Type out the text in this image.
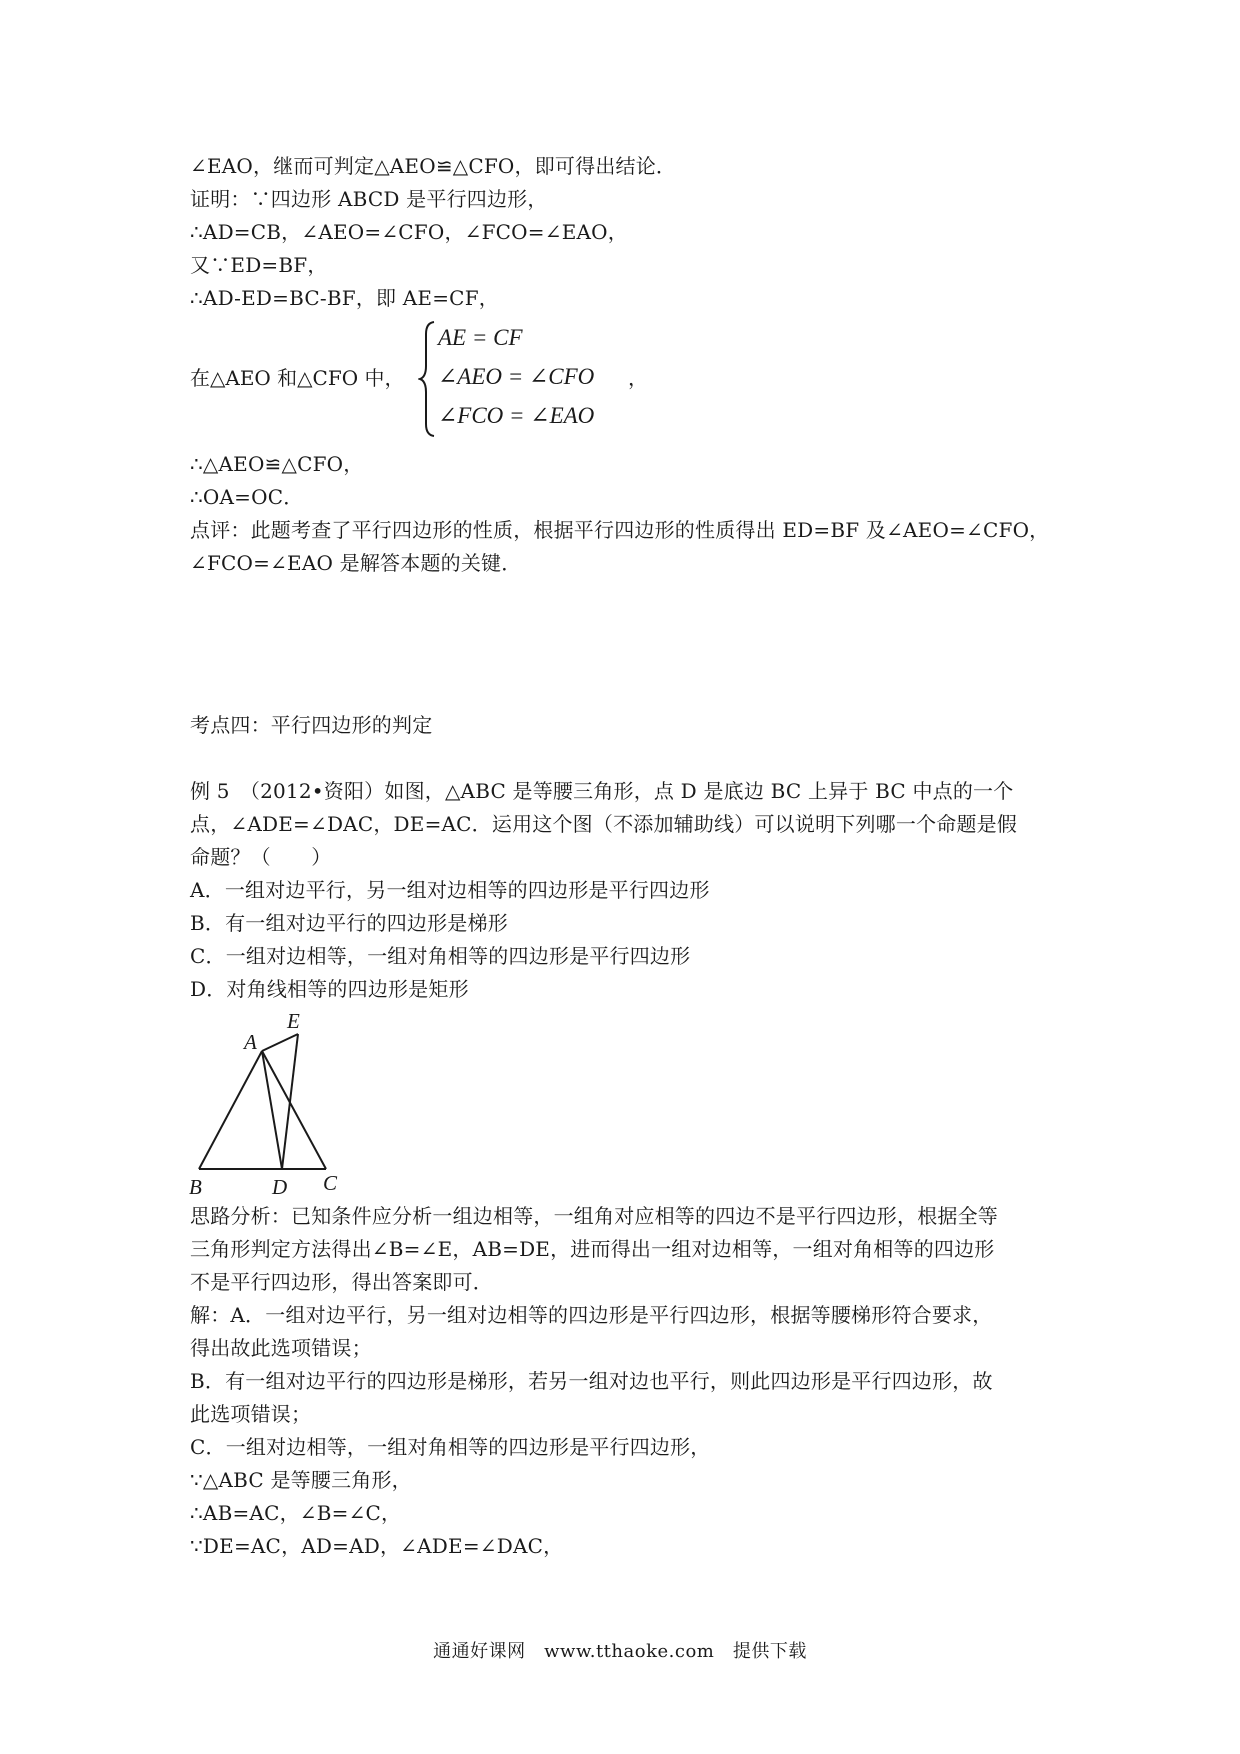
∠EAO，继而可判定△AEO≌△CFO，即可得出结论．
证明：∵四边形 ABCD 是平行四边形，
∴AD=CB，∠AEO=∠CFO，∠FCO=∠EAO，
又∵ED=BF，
∴AD-ED=BC-BF，即 AE=CF，
在△AEO 和△CFO 中，
AE = CF
∠AEO = ∠CFO
∠FCO = ∠EAO
，
∴△AEO≌△CFO，
∴OA=OC．
点评：此题考查了平行四边形的性质，根据平行四边形的性质得出 ED=BF 及∠AEO=∠CFO，
∠FCO=∠EAO 是解答本题的关键．
考点四：平行四边形的判定
例 5　（2012•资阳）如图，△ABC 是等腰三角形，点 D 是底边 BC 上异于 BC 中点的一个
点，∠ADE=∠DAC，DE=AC．运用这个图（不添加辅助线）可以说明下列哪一个命题是假
命题？（　　）
A．一组对边平行，另一组对边相等的四边形是平行四边形
B．有一组对边平行的四边形是梯形
C．一组对边相等，一组对角相等的四边形是平行四边形
D．对角线相等的四边形是矩形
A
E
B	D C
思路分析：已知条件应分析一组边相等，一组角对应相等的四边不是平行四边形，根据全等
三角形判定方法得出∠B=∠E，AB=DE，进而得出一组对边相等，一组对角相等的四边形
不是平行四边形，得出答案即可．
解：A．一组对边平行，另一组对边相等的四边形是平行四边形，根据等腰梯形符合要求，
得出故此选项错误；
B．有一组对边平行的四边形是梯形，若另一组对边也平行，则此四边形是平行四边形，故
此选项错误；
C．一组对边相等，一组对角相等的四边形是平行四边形，
∵△ABC 是等腰三角形，
∴AB=AC，∠B=∠C，
∵DE=AC，AD=AD，∠ADE=∠DAC，
通通好课网　www.tthaoke.com　提供下载
